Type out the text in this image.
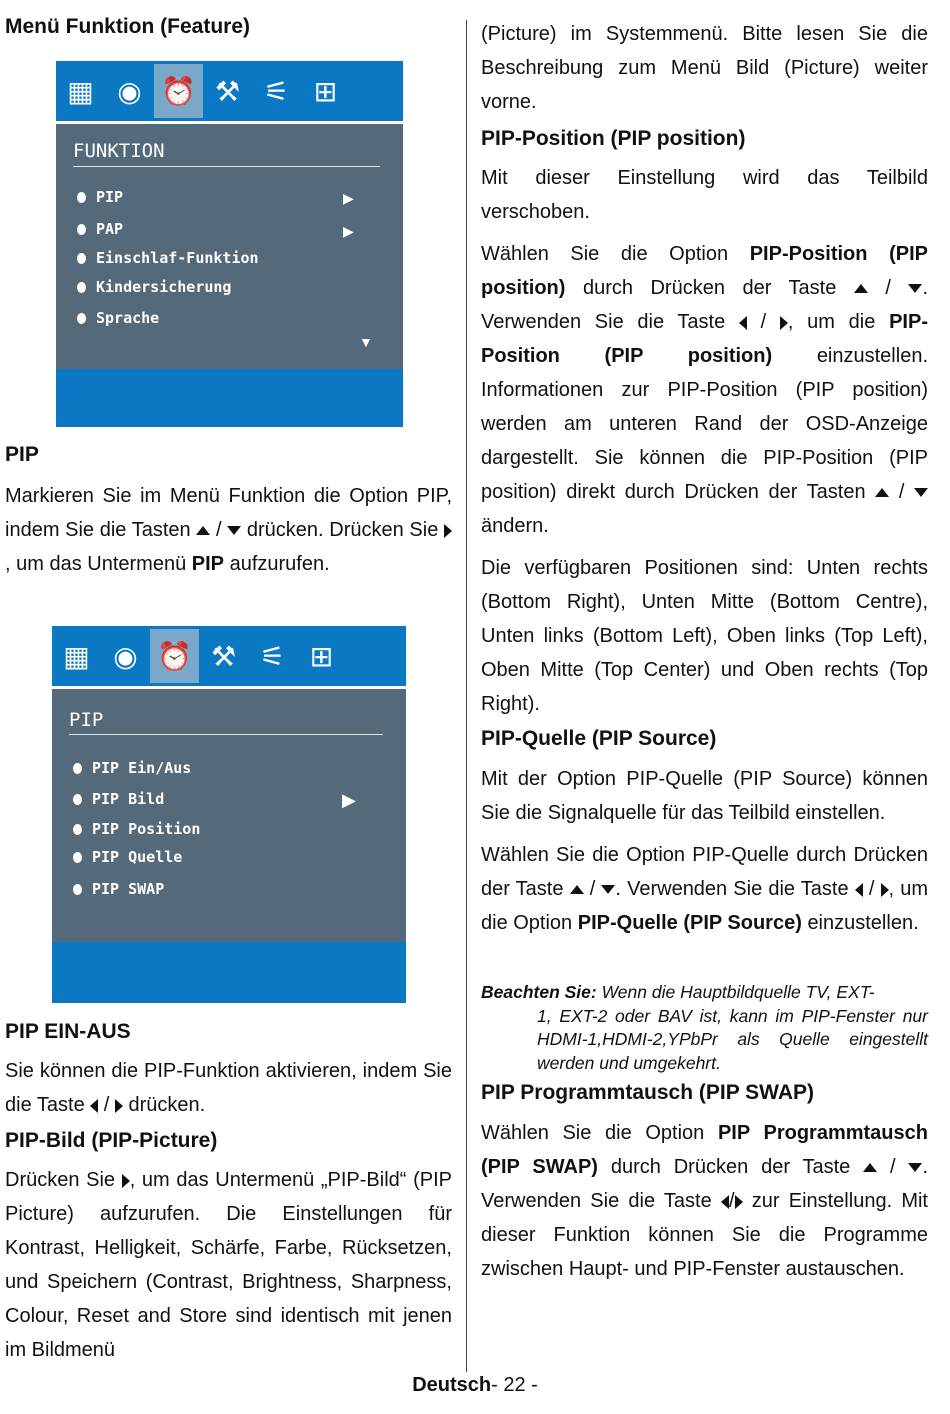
Menü Funktion (Feature)
▦ ◉ ⏰ ⚒ ⚟ ⊞
FUNKTION
PIP	▶
PAP	▶
Einschlaf-Funktion
Kindersicherung
Sprache
▼
PIP

Markieren Sie im Menü Funktion die Option PIP, indem Sie die Tasten  /  drücken. Drücken Sie , um das Untermenü PIP aufzurufen.

▦ ◉ ⏰ ⚒ ⚟ ⊞
PIP
PIP Ein/Aus
PIP Bild	▶
PIP Position
PIP Quelle
PIP SWAP
PIP EIN-AUS

Sie können die PIP-Funktion aktivieren, indem Sie die Taste  /  drücken.

PIP-Bild (PIP-Picture)

Drücken Sie , um das Untermenü „PIP-Bild“ (PIP Picture) aufzurufen. Die Einstellungen für Kontrast, Helligkeit, Schärfe, Farbe, Rücksetzen, und Speichern (Contrast, Brightness, Sharpness, Colour, Reset and Store sind identisch mit jenen im Bildmenü

(Picture) im Systemmenü. Bitte lesen Sie die Beschreibung zum Menü Bild (Picture) weiter vorne.

PIP-Position (PIP position)

Mit dieser Einstellung wird das Teilbild verschoben.

Wählen Sie die Option PIP-Position (PIP position) durch Drücken der Taste  / . Verwenden Sie die Taste  / , um die PIP-Position (PIP position) einzustellen. Informationen zur PIP-Position (PIP position) werden am unteren Rand der OSD-Anzeige dargestellt. Sie können die PIP-Position (PIP position) direkt durch Drücken der Tasten  /  ändern.

Die verfügbaren Positionen sind: Unten rechts (Bottom Right), Unten Mitte (Bottom Centre), Unten links (Bottom Left), Oben links (Top Left), Oben Mitte (Top Center) und Oben rechts (Top Right).

PIP-Quelle (PIP Source)

Mit der Option PIP-Quelle (PIP Source) können Sie die Signalquelle für das Teilbild einstellen.

Wählen Sie die Option PIP-Quelle durch Drücken der Taste  / . Verwenden Sie die Taste  / , um die Option PIP-Quelle (PIP Source) einzustellen.

Beachten Sie: Wenn die Hauptbildquelle TV, EXT-
1, EXT-2 oder BAV ist, kann im PIP-Fenster nur HDMI-1,HDMI-2,YPbPr als Quelle eingestellt werden und umgekehrt.
PIP Programmtausch (PIP SWAP)

Wählen Sie die Option PIP Programmtausch (PIP SWAP) durch Drücken der Taste  / . Verwenden Sie die Taste / zur Einstellung. Mit dieser Funktion können Sie die Programme zwischen Haupt- und PIP-Fenster austauschen.

Deutsch- 22 -
